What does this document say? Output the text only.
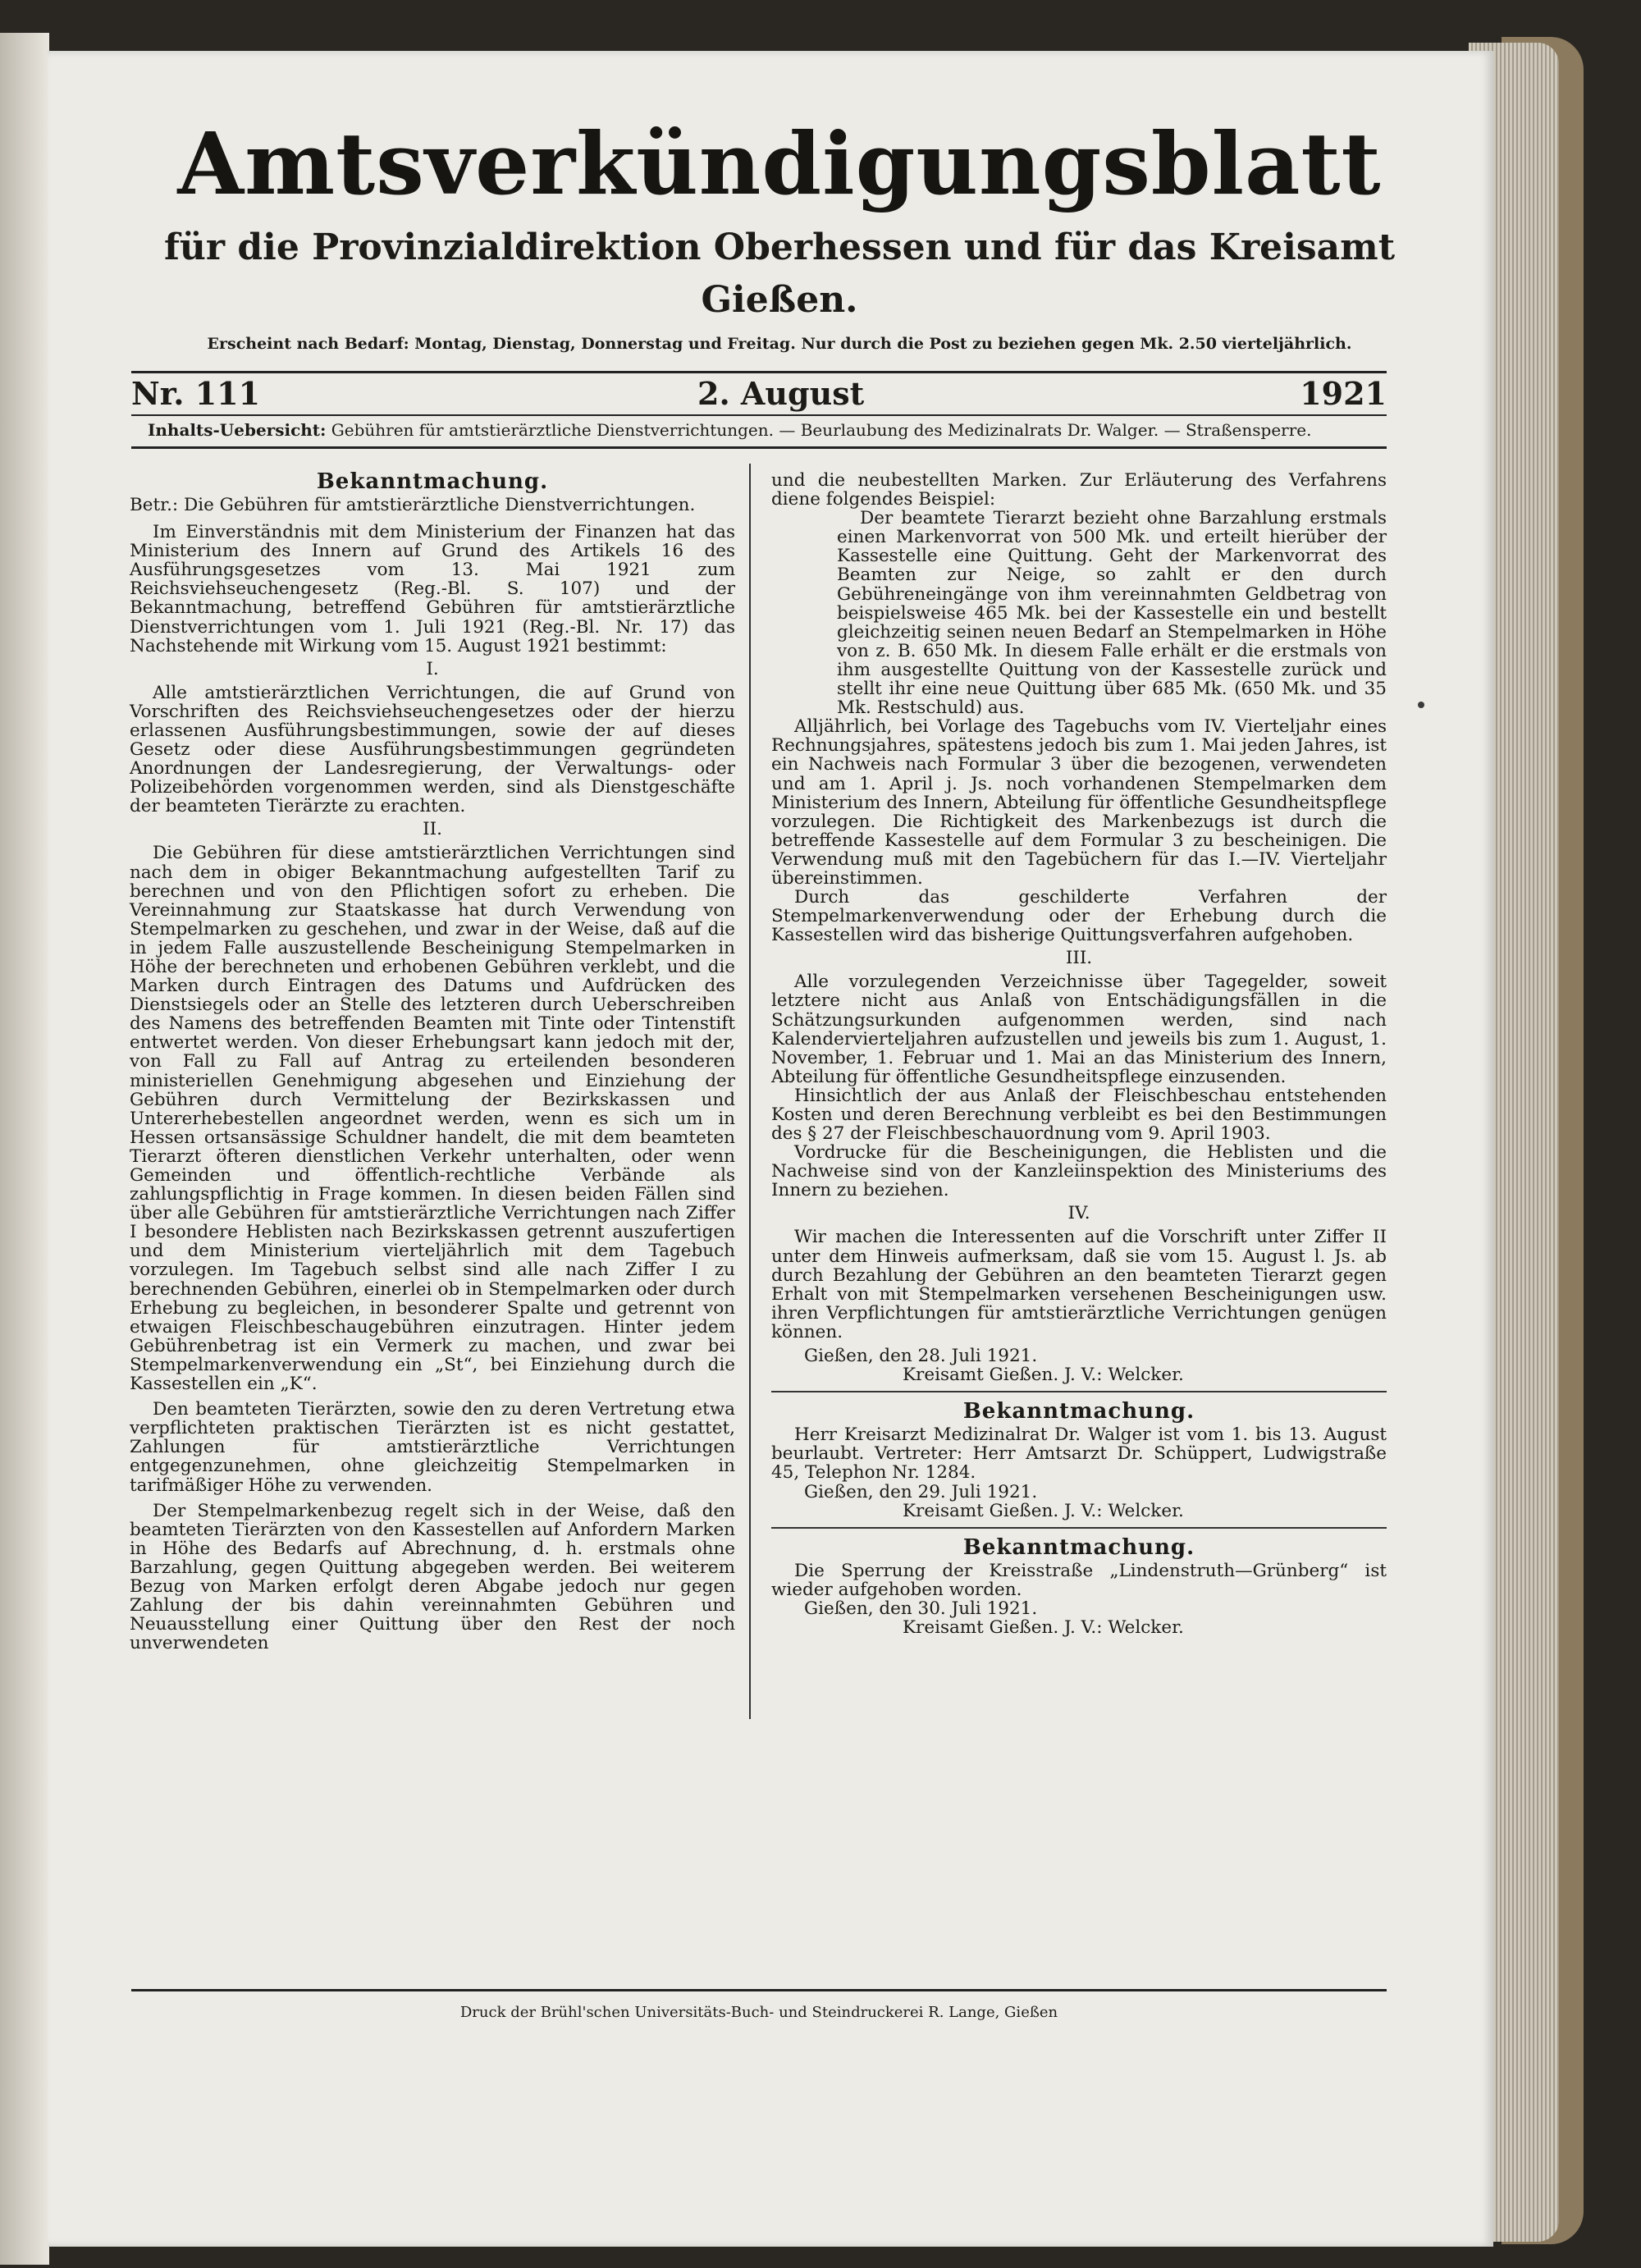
Amtsverkündigungsblatt
für die Provinzialdirektion Oberhessen und für das Kreisamt Gießen.
Erscheint nach Bedarf: Montag, Dienstag, Donnerstag und Freitag. Nur durch die Post zu beziehen gegen Mk. 2.50 vierteljährlich.
Nr. 111	2. August	1921
Inhalts-Uebersicht: Gebühren für amtstierärztliche Dienstverrichtungen. — Beurlaubung des Medizinalrats Dr. Walger. — Straßensperre.

Bekanntmachung.

Betr.: Die Gebühren für amtstierärztliche Dienstverrichtungen.

Im Einverständnis mit dem Ministerium der Finanzen hat das Ministerium des Innern auf Grund des Artikels 16 des Ausführungsgesetzes vom 13. Mai 1921 zum Reichsviehseuchengesetz (Reg.-Bl. S. 107) und der Bekanntmachung, betreffend Gebühren für amtstierärztliche Dienstverrichtungen vom 1. Juli 1921 (Reg.-Bl. Nr. 17) das Nachstehende mit Wirkung vom 15. August 1921 bestimmt:

I.

Alle amtstierärztlichen Verrichtungen, die auf Grund von Vorschriften des Reichsviehseuchengesetzes oder der hierzu erlassenen Ausführungsbestimmungen, sowie der auf dieses Gesetz oder diese Ausführungsbestimmungen gegründeten Anordnungen der Landesregierung, der Verwaltungs- oder Polizeibehörden vorgenommen werden, sind als Dienstgeschäfte der beamteten Tierärzte zu erachten.

II.

Die Gebühren für diese amtstierärztlichen Verrichtungen sind nach dem in obiger Bekanntmachung aufgestellten Tarif zu berechnen und von den Pflichtigen sofort zu erheben. Die Vereinnahmung zur Staatskasse hat durch Verwendung von Stempelmarken zu geschehen, und zwar in der Weise, daß auf die in jedem Falle auszustellende Bescheinigung Stempelmarken in Höhe der berechneten und erhobenen Gebühren verklebt, und die Marken durch Eintragen des Datums und Aufdrücken des Dienstsiegels oder an Stelle des letzteren durch Ueberschreiben des Namens des betreffenden Beamten mit Tinte oder Tintenstift entwertet werden. Von dieser Erhebungsart kann jedoch mit der, von Fall zu Fall auf Antrag zu erteilenden besonderen ministeriellen Genehmigung abgesehen und Einziehung der Gebühren durch Vermittelung der Bezirkskassen und Untererhebestellen angeordnet werden, wenn es sich um in Hessen ortsansässige Schuldner handelt, die mit dem beamteten Tierarzt öfteren dienstlichen Verkehr unterhalten, oder wenn Gemeinden und öffentlich-rechtliche Verbände als zahlungspflichtig in Frage kommen. In diesen beiden Fällen sind über alle Gebühren für amtstierärztliche Verrichtungen nach Ziffer I besondere Heblisten nach Bezirkskassen getrennt auszufertigen und dem Ministerium vierteljährlich mit dem Tagebuch vorzulegen. Im Tagebuch selbst sind alle nach Ziffer I zu berechnenden Gebühren, einerlei ob in Stempelmarken oder durch Erhebung zu begleichen, in besonderer Spalte und getrennt von etwaigen Fleischbeschaugebühren einzutragen. Hinter jedem Gebührenbetrag ist ein Vermerk zu machen, und zwar bei Stempelmarkenverwendung ein „St“, bei Einziehung durch die Kassestellen ein „K“.

Den beamteten Tierärzten, sowie den zu deren Vertretung etwa verpflichteten praktischen Tierärzten ist es nicht gestattet, Zahlungen für amtstierärztliche Verrichtungen entgegenzunehmen, ohne gleichzeitig Stempelmarken in tarifmäßiger Höhe zu verwenden.

Der Stempelmarkenbezug regelt sich in der Weise, daß den beamteten Tierärzten von den Kassestellen auf Anfordern Marken in Höhe des Bedarfs auf Abrechnung, d. h. erstmals ohne Barzahlung, gegen Quittung abgegeben werden. Bei weiterem Bezug von Marken erfolgt deren Abgabe jedoch nur gegen Zahlung der bis dahin vereinnahmten Gebühren und Neuausstellung einer Quittung über den Rest der noch unverwendeten

und die neubestellten Marken. Zur Erläuterung des Verfahrens diene folgendes Beispiel:

Der beamtete Tierarzt bezieht ohne Barzahlung erstmals einen Markenvorrat von 500 Mk. und erteilt hierüber der Kassestelle eine Quittung. Geht der Markenvorrat des Beamten zur Neige, so zahlt er den durch Gebühreneingänge von ihm vereinnahmten Geldbetrag von beispielsweise 465 Mk. bei der Kassestelle ein und bestellt gleichzeitig seinen neuen Bedarf an Stempelmarken in Höhe von z. B. 650 Mk. In diesem Falle erhält er die erstmals von ihm ausgestellte Quittung von der Kassestelle zurück und stellt ihr eine neue Quittung über 685 Mk. (650 Mk. und 35 Mk. Restschuld) aus.

Alljährlich, bei Vorlage des Tagebuchs vom IV. Vierteljahr eines Rechnungsjahres, spätestens jedoch bis zum 1. Mai jeden Jahres, ist ein Nachweis nach Formular 3 über die bezogenen, verwendeten und am 1. April j. Js. noch vorhandenen Stempelmarken dem Ministerium des Innern, Abteilung für öffentliche Gesundheitspflege vorzulegen. Die Richtigkeit des Markenbezugs ist durch die betreffende Kassestelle auf dem Formular 3 zu bescheinigen. Die Verwendung muß mit den Tagebüchern für das I.—IV. Vierteljahr übereinstimmen.

Durch das geschilderte Verfahren der Stempelmarkenverwendung oder der Erhebung durch die Kassestellen wird das bisherige Quittungsverfahren aufgehoben.

III.

Alle vorzulegenden Verzeichnisse über Tagegelder, soweit letztere nicht aus Anlaß von Entschädigungsfällen in die Schätzungsurkunden aufgenommen werden, sind nach Kalendervierteljahren aufzustellen und jeweils bis zum 1. August, 1. November, 1. Februar und 1. Mai an das Ministerium des Innern, Abteilung für öffentliche Gesundheitspflege einzusenden.

Hinsichtlich der aus Anlaß der Fleischbeschau entstehenden Kosten und deren Berechnung verbleibt es bei den Bestimmungen des § 27 der Fleischbeschauordnung vom 9. April 1903.

Vordrucke für die Bescheinigungen, die Heblisten und die Nachweise sind von der Kanzleiinspektion des Ministeriums des Innern zu beziehen.

IV.

Wir machen die Interessenten auf die Vorschrift unter Ziffer II unter dem Hinweis aufmerksam, daß sie vom 15. August l. Js. ab durch Bezahlung der Gebühren an den beamteten Tierarzt gegen Erhalt von mit Stempelmarken versehenen Bescheinigungen usw. ihren Verpflichtungen für amtstierärztliche Verrichtungen genügen können.

Gießen, den 28. Juli 1921.

Kreisamt Gießen. J. V.: Welcker.

Bekanntmachung.

Herr Kreisarzt Medizinalrat Dr. Walger ist vom 1. bis 13. August beurlaubt. Vertreter: Herr Amtsarzt Dr. Schüppert, Ludwigstraße 45, Telephon Nr. 1284.

Gießen, den 29. Juli 1921.

Kreisamt Gießen. J. V.: Welcker.

Bekanntmachung.

Die Sperrung der Kreisstraße „Lindenstruth—Grünberg“ ist wieder aufgehoben worden.

Gießen, den 30. Juli 1921.

Kreisamt Gießen. J. V.: Welcker.

Druck der Brühl'schen Universitäts-Buch- und Steindruckerei R. Lange, Gießen
